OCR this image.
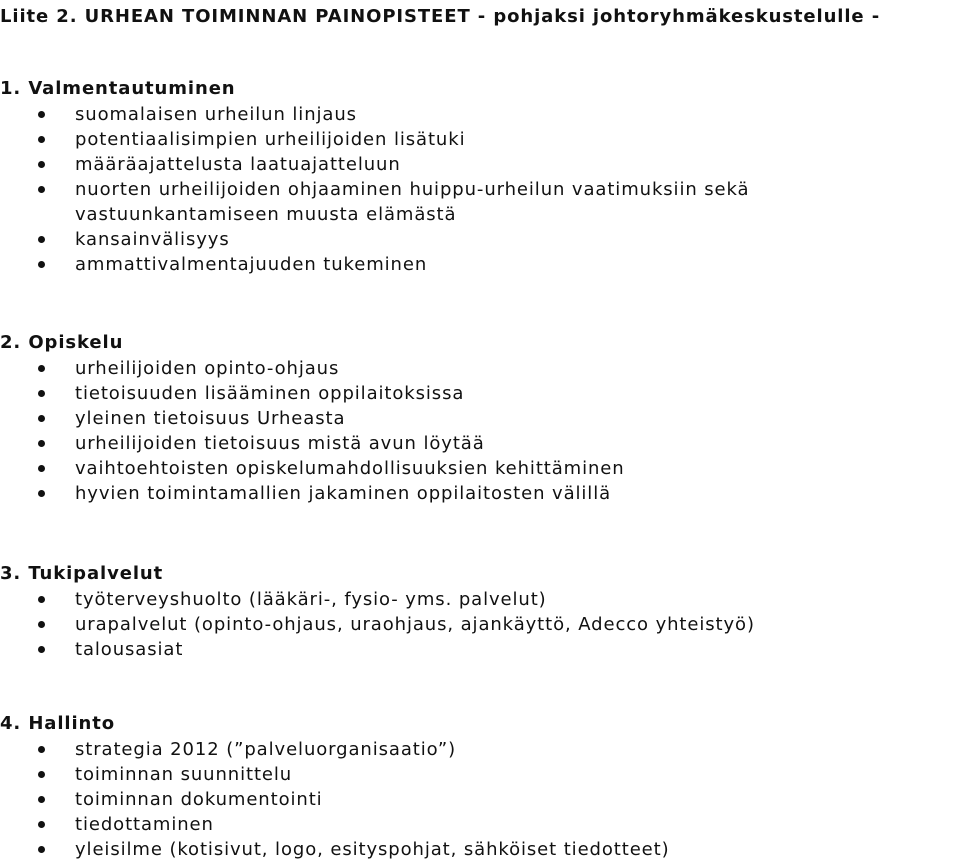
Liite 2. URHEAN TOIMINNAN PAINOPISTEET - pohjaksi johtoryhmäkeskustelulle -
1. Valmentautuminen
suomalaisen urheilun linjaus
potentiaalisimpien urheilijoiden lisätuki
määräajattelusta laatuajatteluun
nuorten urheilijoiden ohjaaminen huippu-urheilun vaatimuksiin sekä
vastuunkantamiseen muusta elämästä
kansainvälisyys
ammattivalmentajuuden tukeminen
2. Opiskelu
urheilijoiden opinto-ohjaus
tietoisuuden lisääminen oppilaitoksissa
yleinen tietoisuus Urheasta
urheilijoiden tietoisuus mistä avun löytää
vaihtoehtoisten opiskelumahdollisuuksien kehittäminen
hyvien toimintamallien jakaminen oppilaitosten välillä
3. Tukipalvelut
työterveyshuolto (lääkäri-, fysio- yms. palvelut)
urapalvelut (opinto-ohjaus, uraohjaus, ajankäyttö, Adecco yhteistyö)
talousasiat
4. Hallinto
strategia 2012 (”palveluorganisaatio”)
toiminnan suunnittelu
toiminnan dokumentointi
tiedottaminen
yleisilme (kotisivut, logo, esityspohjat, sähköiset tiedotteet)
